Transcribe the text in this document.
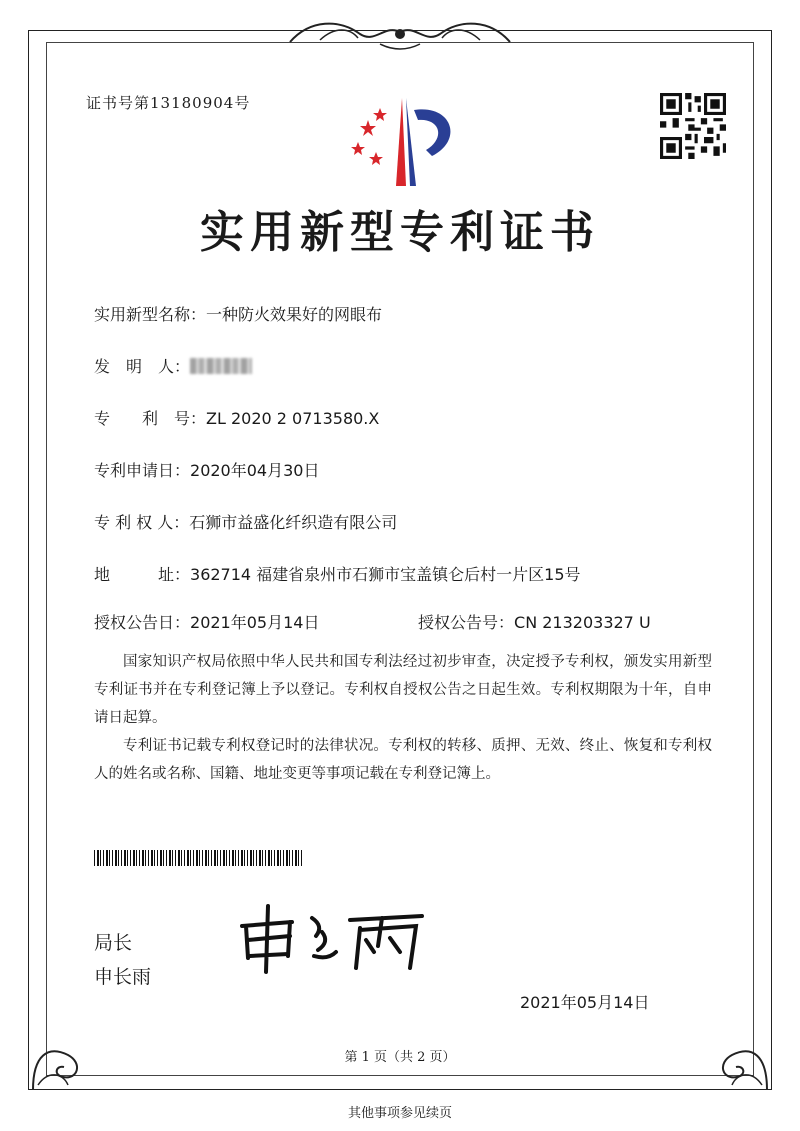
证书号第13180904号
实用新型专利证书
实用新型名称：一种防火效果好的网眼布
发　明　人：
专　　利　号：ZL 2020 2 0713580.X
专利申请日：2020年04月30日
专 利 权 人：石狮市益盛化纤织造有限公司
地　　　址：362714 福建省泉州市石狮市宝盖镇仑后村一片区15号
授权公告日：2021年05月14日	授权公告号：CN 213203327 U

国家知识产权局依照中华人民共和国专利法经过初步审查，决定授予专利权，颁发实用新型专利证书并在专利登记簿上予以登记。专利权自授权公告之日起生效。专利权期限为十年，自申请日起算。

专利证书记载专利权登记时的法律状况。专利权的转移、质押、无效、终止、恢复和专利权人的姓名或名称、国籍、地址变更等事项记载在专利登记簿上。

局长
申长雨
2021年05月14日
第 1 页（共 2 页）
其他事项参见续页
